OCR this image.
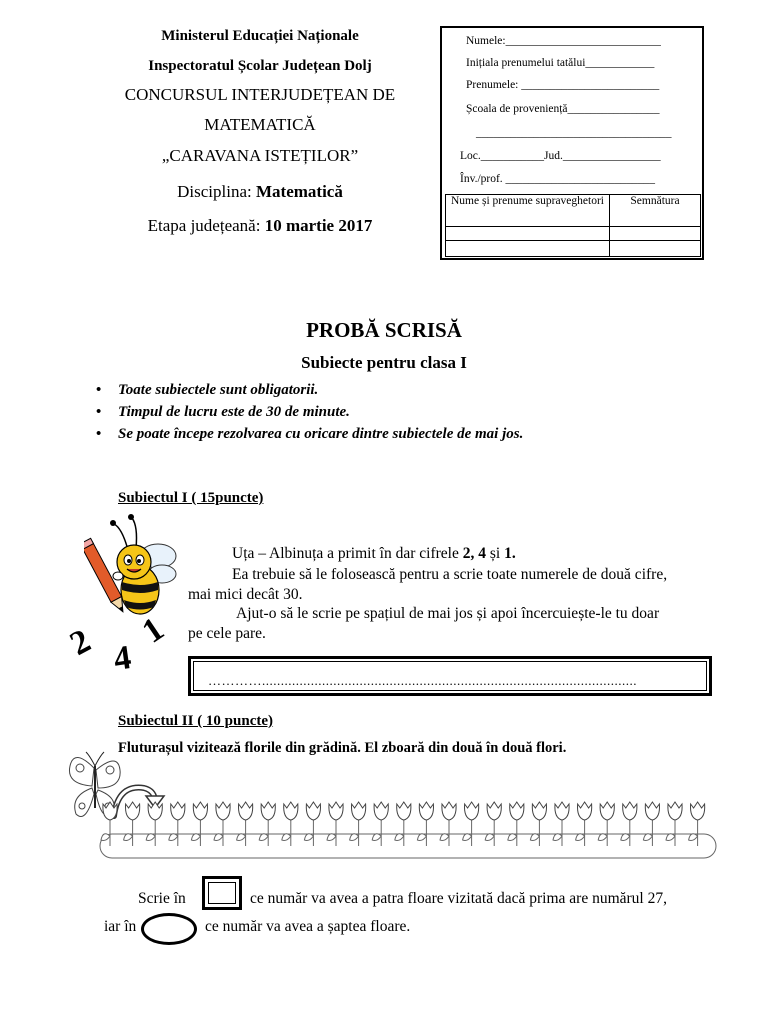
Ministerul Educației Naționale
Inspectoratul Școlar Județean Dolj
CONCURSUL INTERJUDEȚEAN DE
MATEMATICĂ
„CARAVANA ISTEȚILOR”
Disciplina: Matematică
Etapa județeană: 10 martie 2017
Numele:___________________________
Inițiala prenumelui tatălui____________
Prenumele: ________________________
Școala de proveniență________________
__________________________________
Loc.___________Jud._________________
Înv./prof. __________________________
Nume și prenume supraveghetori	Semnătura

PROBĂ SCRISĂ
Subiecte pentru clasa I
• Toate subiectele sunt obligatorii.
• Timpul de lucru este de 30 de minute.
• Se poate începe rezolvarea cu oricare dintre subiectele de mai jos.
Subiectul I ( 15puncte)
2 4
1
Uța – Albinuța a primit în dar cifrele 2, 4 și 1.
Ea trebuie să le folosească pentru a scrie toate numerele de două cifre,
mai mici decât 30.
Ajut-o să le scrie pe spațiul de mai jos și apoi încercuiește-le tu doar
pe cele pare.
…………....................................................................................................
Subiectul II ( 10 puncte)
Fluturașul vizitează florile din grădină. El zboară din două în două flori.
Scrie în	ce număr va avea a patra floare vizitată dacă prima are numărul 27,
iar în	ce număr va avea a șaptea floare.
